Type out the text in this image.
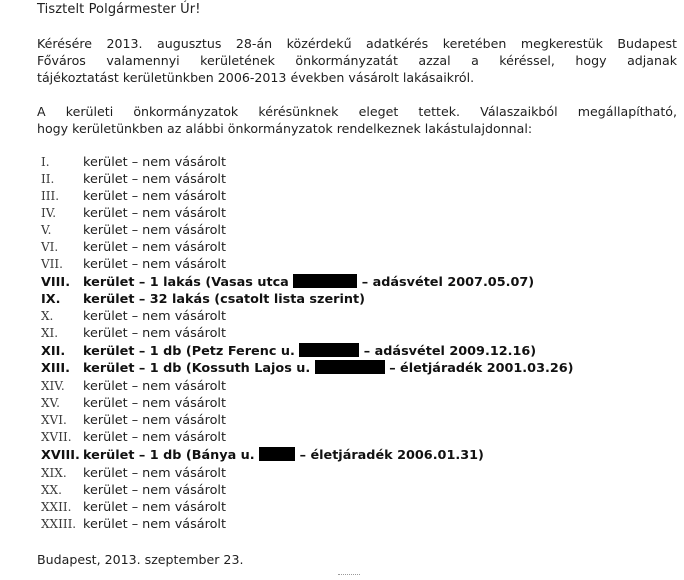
Tisztelt Polgármester Úr!
Kérésére 2013. augusztus 28-án közérdekű adatkérés keretében megkerestük Budapest
Főváros valamennyi kerületének önkormányzatát azzal a kéréssel, hogy adjanak
tájékoztatást kerületünkben 2006-2013 években vásárolt lakásaikról.
A kerületi önkormányzatok kérésünknek eleget tettek. Válaszaikból megállapítható,
hogy kerületünkben az alábbi önkormányzatok rendelkeznek lakástulajdonnal:
I.	kerület – nem vásárolt
II. kerület – nem vásárolt
III. kerület – nem vásárolt
IV. kerület – nem vásárolt
V. kerület – nem vásárolt
VI. kerület – nem vásárolt
VII. kerület – nem vásárolt
VIII. kerület – 1 lakás (Vasas utca	– adásvétel 2007.05.07)
IX. kerület – 32 lakás (csatolt lista szerint)
X. kerület – nem vásárolt
XI. kerület – nem vásárolt
XII. kerület – 1 db (Petz Ferenc u.	– adásvétel 2009.12.16)
XIII. kerület – 1 db (Kossuth Lajos u.	– életjáradék 2001.03.26)
XIV. kerület – nem vásárolt
XV. kerület – nem vásárolt
XVI. kerület – nem vásárolt
XVII. kerület – nem vásárolt
XVIII. kerület – 1 db (Bánya u.	– életjáradék 2006.01.31)
XIX. kerület – nem vásárolt
XX. kerület – nem vásárolt
XXII. kerület – nem vásárolt
XXIII. kerület – nem vásárolt
Budapest, 2013. szeptember 23.
